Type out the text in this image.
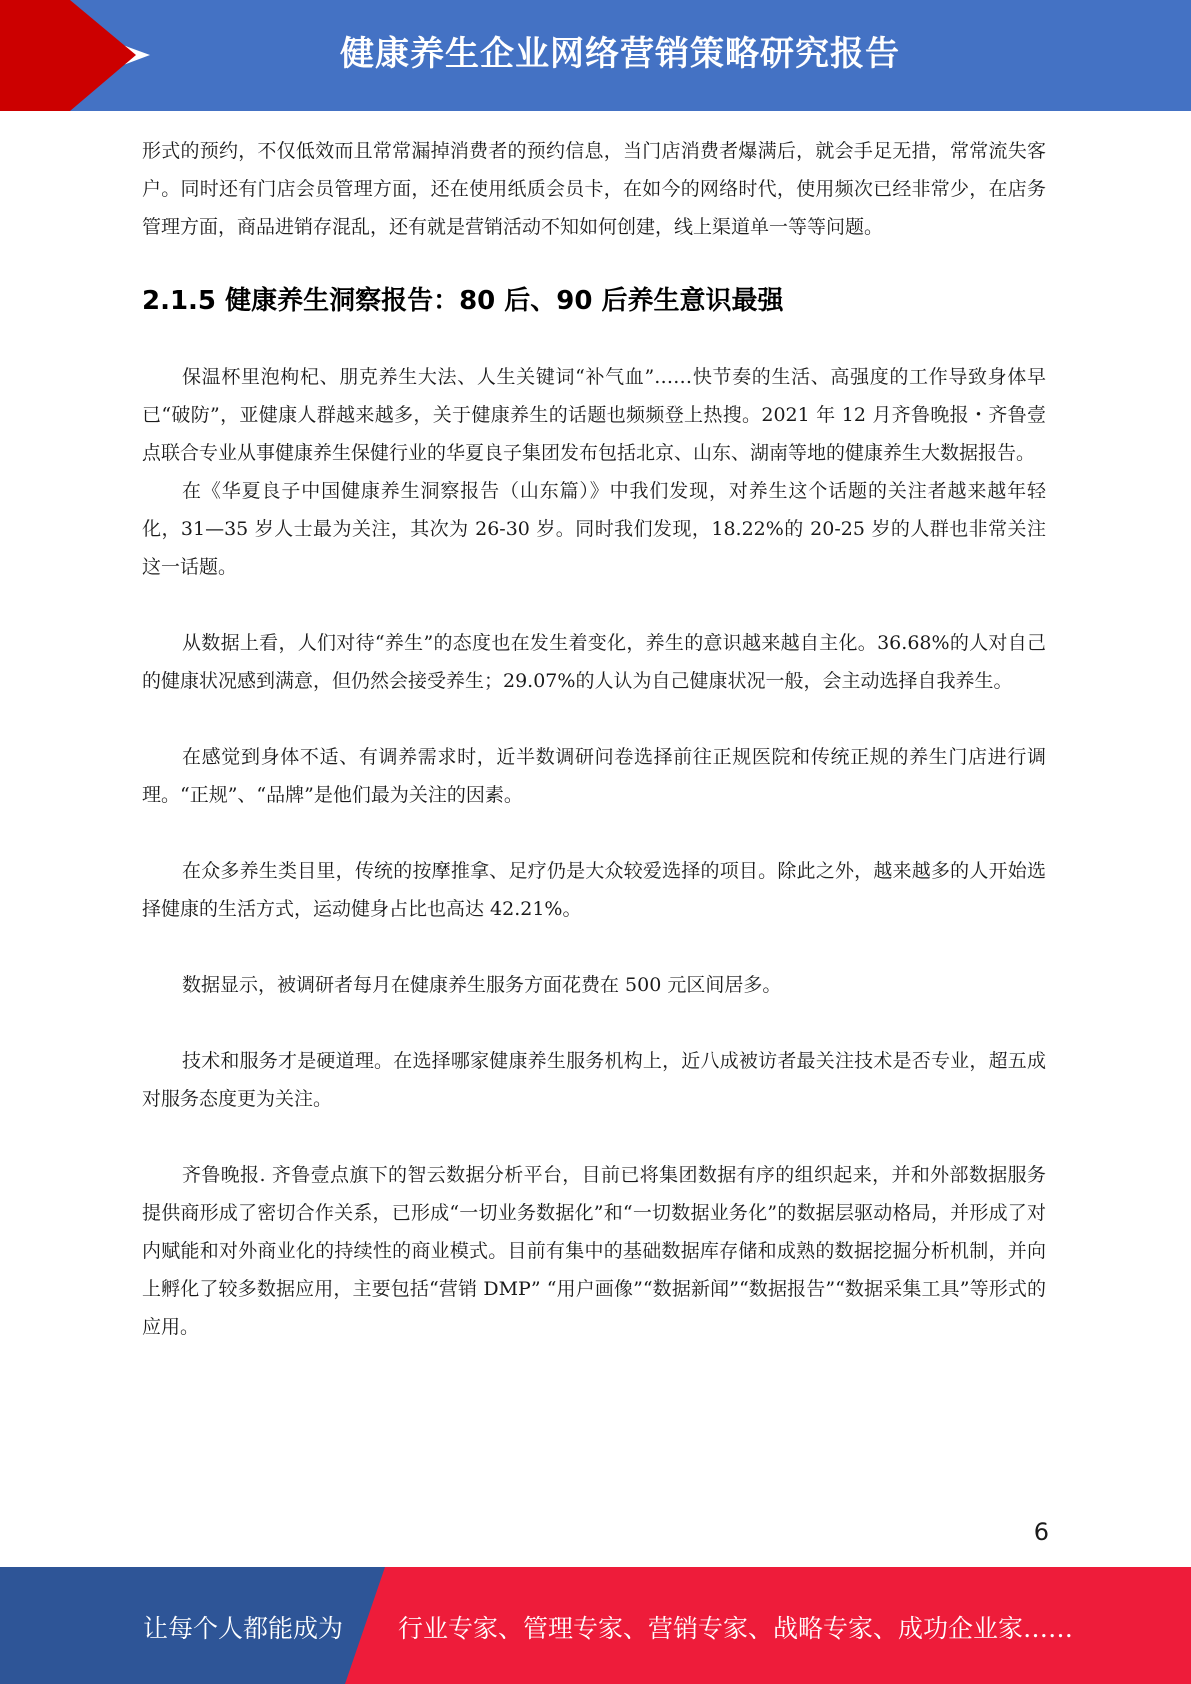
健康养生企业网络营销策略研究报告

形式的预约，不仅低效而且常常漏掉消费者的预约信息，当门店消费者爆满后，就会手足无措，常常流失客户。同时还有门店会员管理方面，还在使用纸质会员卡，在如今的网络时代，使用频次已经非常少，在店务管理方面，商品进销存混乱，还有就是营销活动不知如何创建，线上渠道单一等等问题。

2.1.5 健康养生洞察报告：80 后、90 后养生意识最强

保温杯里泡枸杞、朋克养生大法、人生关键词“补气血”……快节奏的生活、高强度的工作导致身体早已“破防”，亚健康人群越来越多，关于健康养生的话题也频频登上热搜。2021 年 12 月齐鲁晚报・齐鲁壹点联合专业从事健康养生保健行业的华夏良子集团发布包括北京、山东、湖南等地的健康养生大数据报告。

在《华夏良子中国健康养生洞察报告（山东篇）》中我们发现，对养生这个话题的关注者越来越年轻化，31—35 岁人士最为关注，其次为 26-30 岁。同时我们发现，18.22%的 20-25 岁的人群也非常关注这一话题。

从数据上看，人们对待“养生”的态度也在发生着变化，养生的意识越来越自主化。36.68%的人对自己的健康状况感到满意，但仍然会接受养生；29.07%的人认为自己健康状况一般，会主动选择自我养生。

在感觉到身体不适、有调养需求时，近半数调研问卷选择前往正规医院和传统正规的养生门店进行调理。“正规”、“品牌”是他们最为关注的因素。

在众多养生类目里，传统的按摩推拿、足疗仍是大众较爱选择的项目。除此之外，越来越多的人开始选择健康的生活方式，运动健身占比也高达 42.21%。

数据显示，被调研者每月在健康养生服务方面花费在 500 元区间居多。

技术和服务才是硬道理。在选择哪家健康养生服务机构上，近八成被访者最关注技术是否专业，超五成对服务态度更为关注。

齐鲁晚报. 齐鲁壹点旗下的智云数据分析平台，目前已将集团数据有序的组织起来，并和外部数据服务提供商形成了密切合作关系，已形成“一切业务数据化”和“一切数据业务化”的数据层驱动格局，并形成了对内赋能和对外商业化的持续性的商业模式。目前有集中的基础数据库存储和成熟的数据挖掘分析机制，并向上孵化了较多数据应用，主要包括“营销 DMP” “用户画像”“数据新闻”“数据报告”“数据采集工具”等形式的应用。

6
让每个人都能成为 行业专家、管理专家、营销专家、战略专家、成功企业家……
